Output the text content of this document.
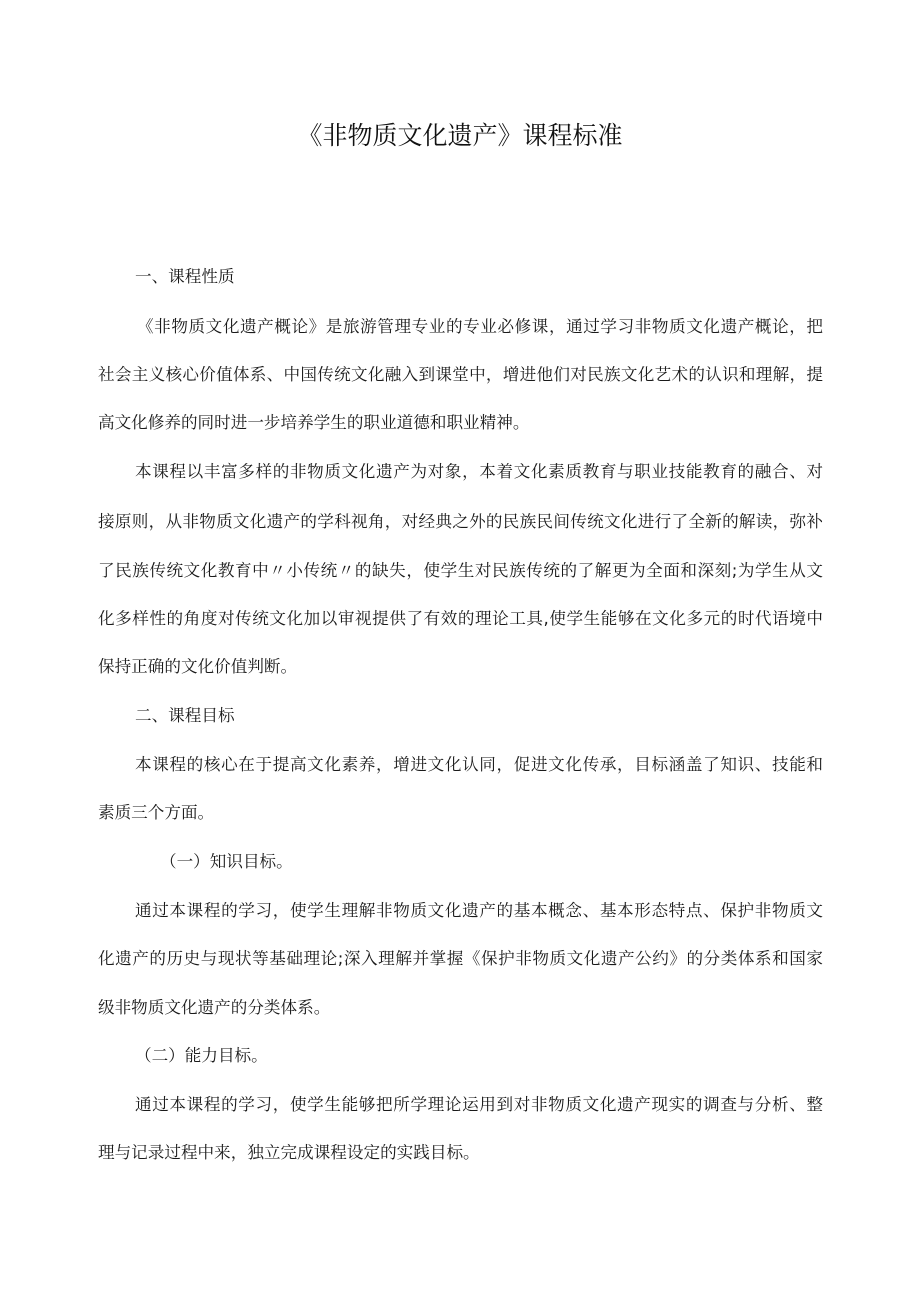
《非物质文化遗产》课程标准
一、课程性质
《非物质文化遗产概论》是旅游管理专业的专业必修课，通过学习非物质文化遗产概论，把
社会主义核心价值体系、中国传统文化融入到课堂中，增进他们对民族文化艺术的认识和理解，提
高文化修养的同时进一步培养学生的职业道德和职业精神。
本课程以丰富多样的非物质文化遗产为对象，本着文化素质教育与职业技能教育的融合、对
接原则，从非物质文化遗产的学科视角，对经典之外的民族民间传统文化进行了全新的解读，弥补
了民族传统文化教育中〃小传统〃的缺失，使学生对民族传统的了解更为全面和深刻;为学生从文
化多样性的角度对传统文化加以审视提供了有效的理论工具,使学生能够在文化多元的时代语境中
保持正确的文化价值判断。
二、课程目标
本课程的核心在于提高文化素养，增进文化认同，促进文化传承，目标涵盖了知识、技能和
素质三个方面。
（一）知识目标。
通过本课程的学习，使学生理解非物质文化遗产的基本概念、基本形态特点、保护非物质文
化遗产的历史与现状等基础理论;深入理解并掌握《保护非物质文化遗产公约》的分类体系和国家
级非物质文化遗产的分类体系。
（二）能力目标。
通过本课程的学习，使学生能够把所学理论运用到对非物质文化遗产现实的调查与分析、整
理与记录过程中来，独立完成课程设定的实践目标。
